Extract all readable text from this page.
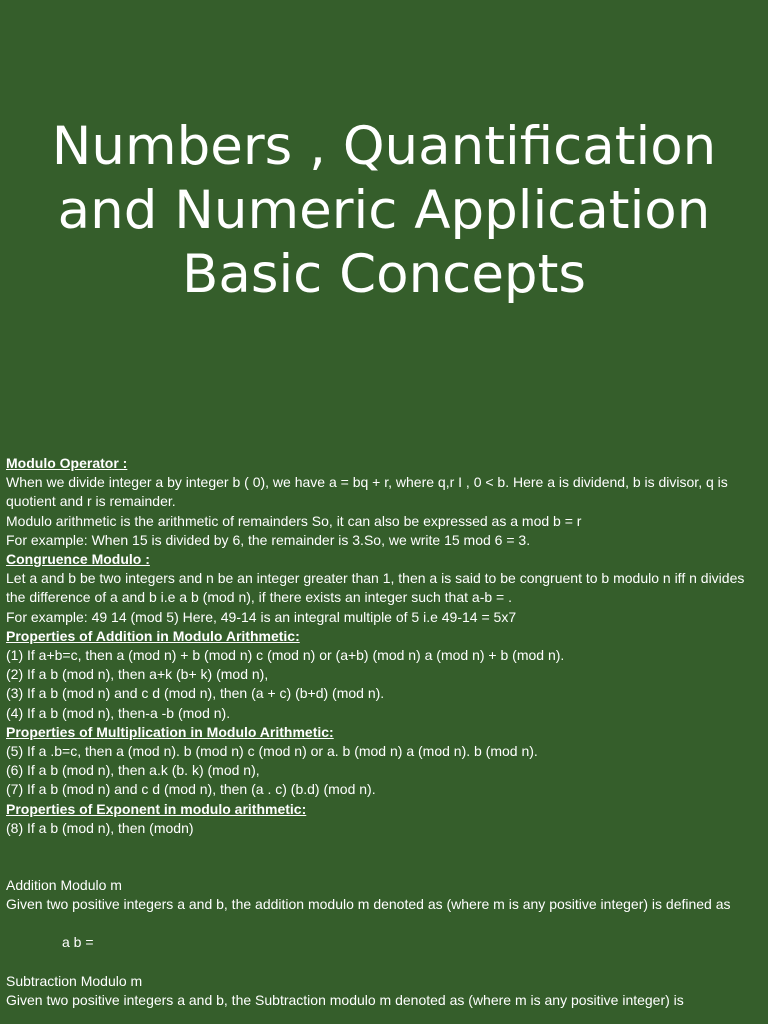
Numbers , Quantification
and Numeric Application
Basic Concepts

Modulo Operator :

When we divide integer a by integer b ( 0), we have a = bq + r, where q,r I , 0 < b. Here a is dividend, b is divisor, q is quotient and r is remainder.

Modulo arithmetic is the arithmetic of remainders So, it can also be expressed as a mod b = r

For example: When 15 is divided by 6, the remainder is 3.So, we write 15 mod 6 = 3.

Congruence Modulo :

Let a and b be two integers and n be an integer greater than 1, then a is said to be congruent to b modulo n iff n divides the difference of a and b i.e a b (mod n), if there exists an integer such that a-b = .

For example: 49 14 (mod 5) Here, 49-14 is an integral multiple of 5 i.e 49-14 = 5x7

Properties of Addition in Modulo Arithmetic:

(1) If a+b=c, then a (mod n) + b (mod n) c (mod n) or (a+b) (mod n) a (mod n) + b (mod n).

(2) If a b (mod n), then a+k (b+ k) (mod n),

(3) If a b (mod n) and c d (mod n), then (a + c) (b+d) (mod n).

(4) If a b (mod n), then-a -b (mod n).

Properties of Multiplication in Modulo Arithmetic:

(5) If a .b=c, then a (mod n). b (mod n) c (mod n) or a. b (mod n) a (mod n). b (mod n).

(6) If a b (mod n), then a.k (b. k) (mod n),

(7) If a b (mod n) and c d (mod n), then (a . c) (b.d) (mod n).

Properties of Exponent in modulo arithmetic:

(8) If a b (mod n), then (modn)

Addition Modulo m

Given two positive integers a and b, the addition modulo m denoted as (where m is any positive integer) is defined as

a b =

Subtraction Modulo m

Given two positive integers a and b, the Subtraction modulo m denoted as (where m is any positive integer) is
